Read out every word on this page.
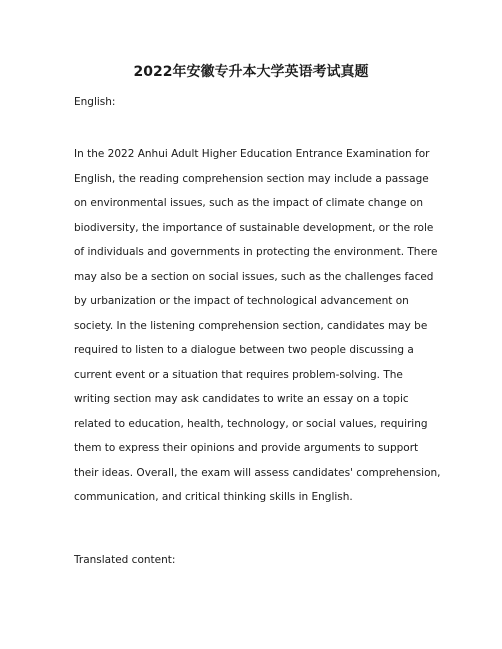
2022年安徽专升本大学英语考试真题
English:
In the 2022 Anhui Adult Higher Education Entrance Examination for
English, the reading comprehension section may include a passage
on environmental issues, such as the impact of climate change on
biodiversity, the importance of sustainable development, or the role
of individuals and governments in protecting the environment. There
may also be a section on social issues, such as the challenges faced
by urbanization or the impact of technological advancement on
society. In the listening comprehension section, candidates may be
required to listen to a dialogue between two people discussing a
current event or a situation that requires problem-solving. The
writing section may ask candidates to write an essay on a topic
related to education, health, technology, or social values, requiring
them to express their opinions and provide arguments to support
their ideas. Overall, the exam will assess candidates' comprehension,
communication, and critical thinking skills in English.
Translated content:
